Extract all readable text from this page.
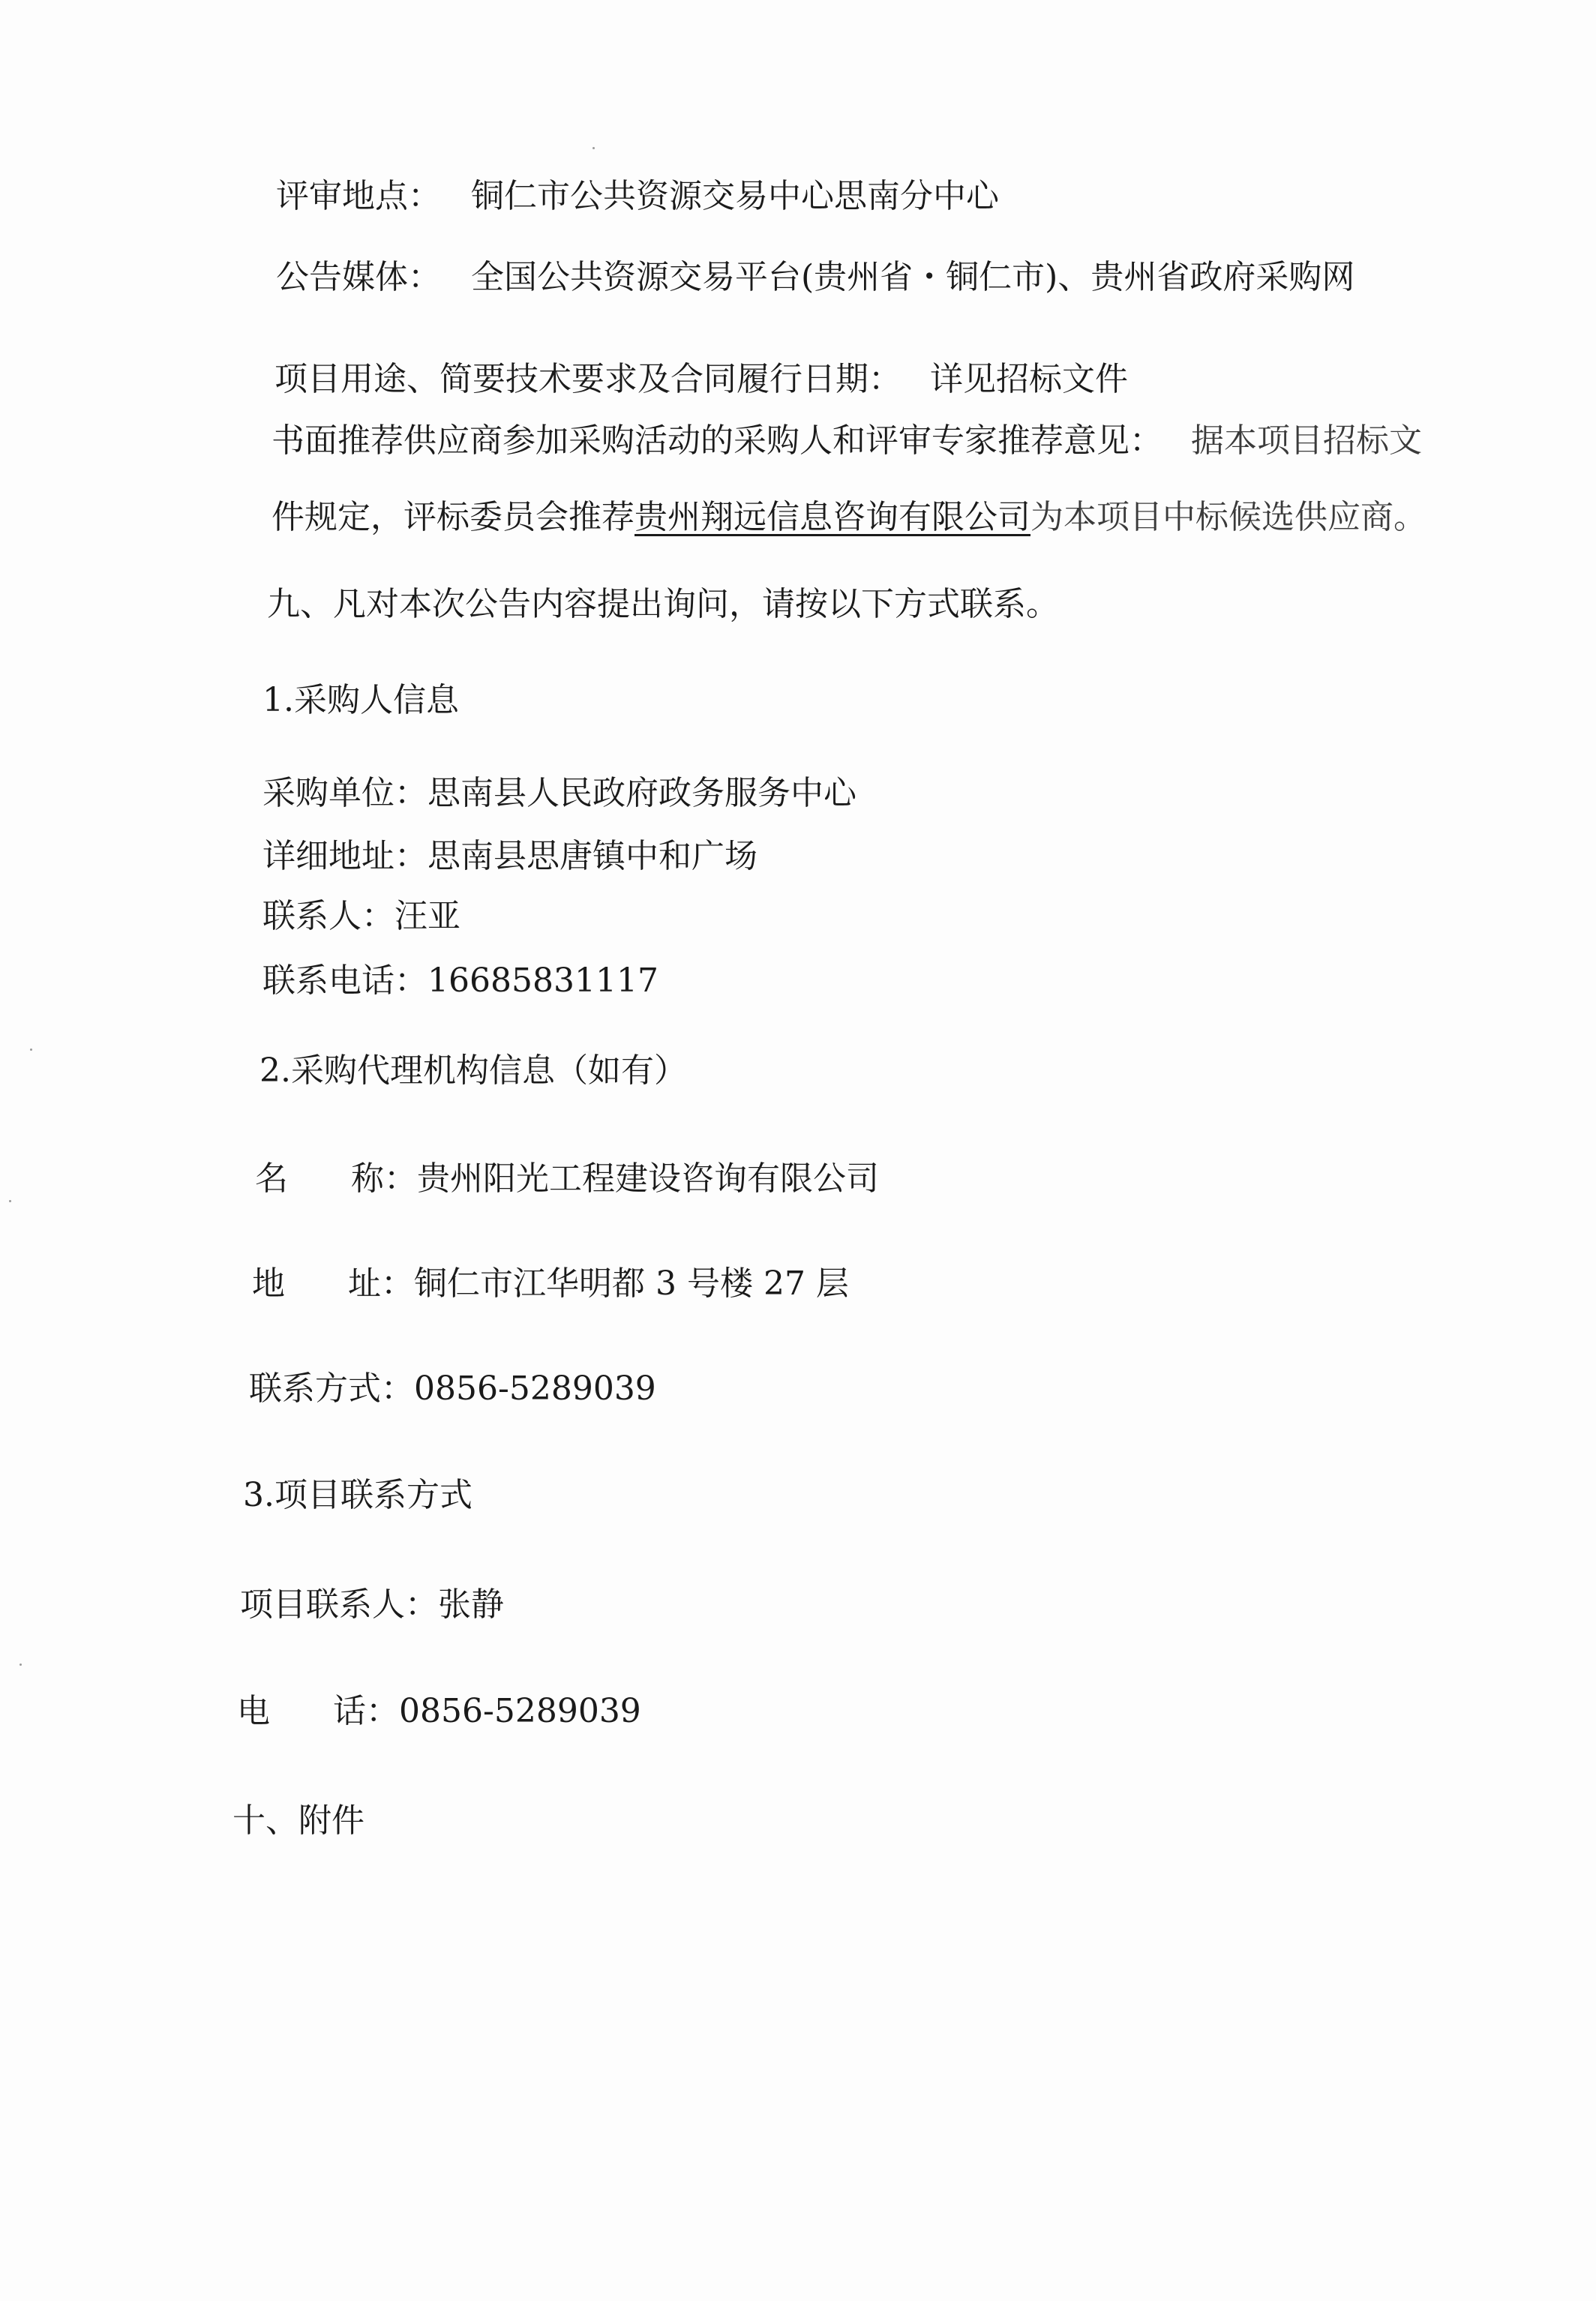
评审地点： 铜仁市公共资源交易中心思南分中心
公告媒体： 全国公共资源交易平台(贵州省・铜仁市)、贵州省政府采购网
项目用途、简要技术要求及合同履行日期： 详见招标文件
书面推荐供应商参加采购活动的采购人和评审专家推荐意见： 据本项目招标文
件规定，评标委员会推荐贵州翔远信息咨询有限公司为本项目中标候选供应商。
九、凡对本次公告内容提出询问，请按以下方式联系。
1.采购人信息
采购单位：思南县人民政府政务服务中心
详细地址：思南县思唐镇中和广场
联系人：汪亚
联系电话：16685831117
2.采购代理机构信息（如有）
名 称：贵州阳光工程建设咨询有限公司
地 址：铜仁市江华明都 3 号楼 27 层
联系方式：0856-5289039
3.项目联系方式
项目联系人：张静
电 话：0856-5289039
十、附件
